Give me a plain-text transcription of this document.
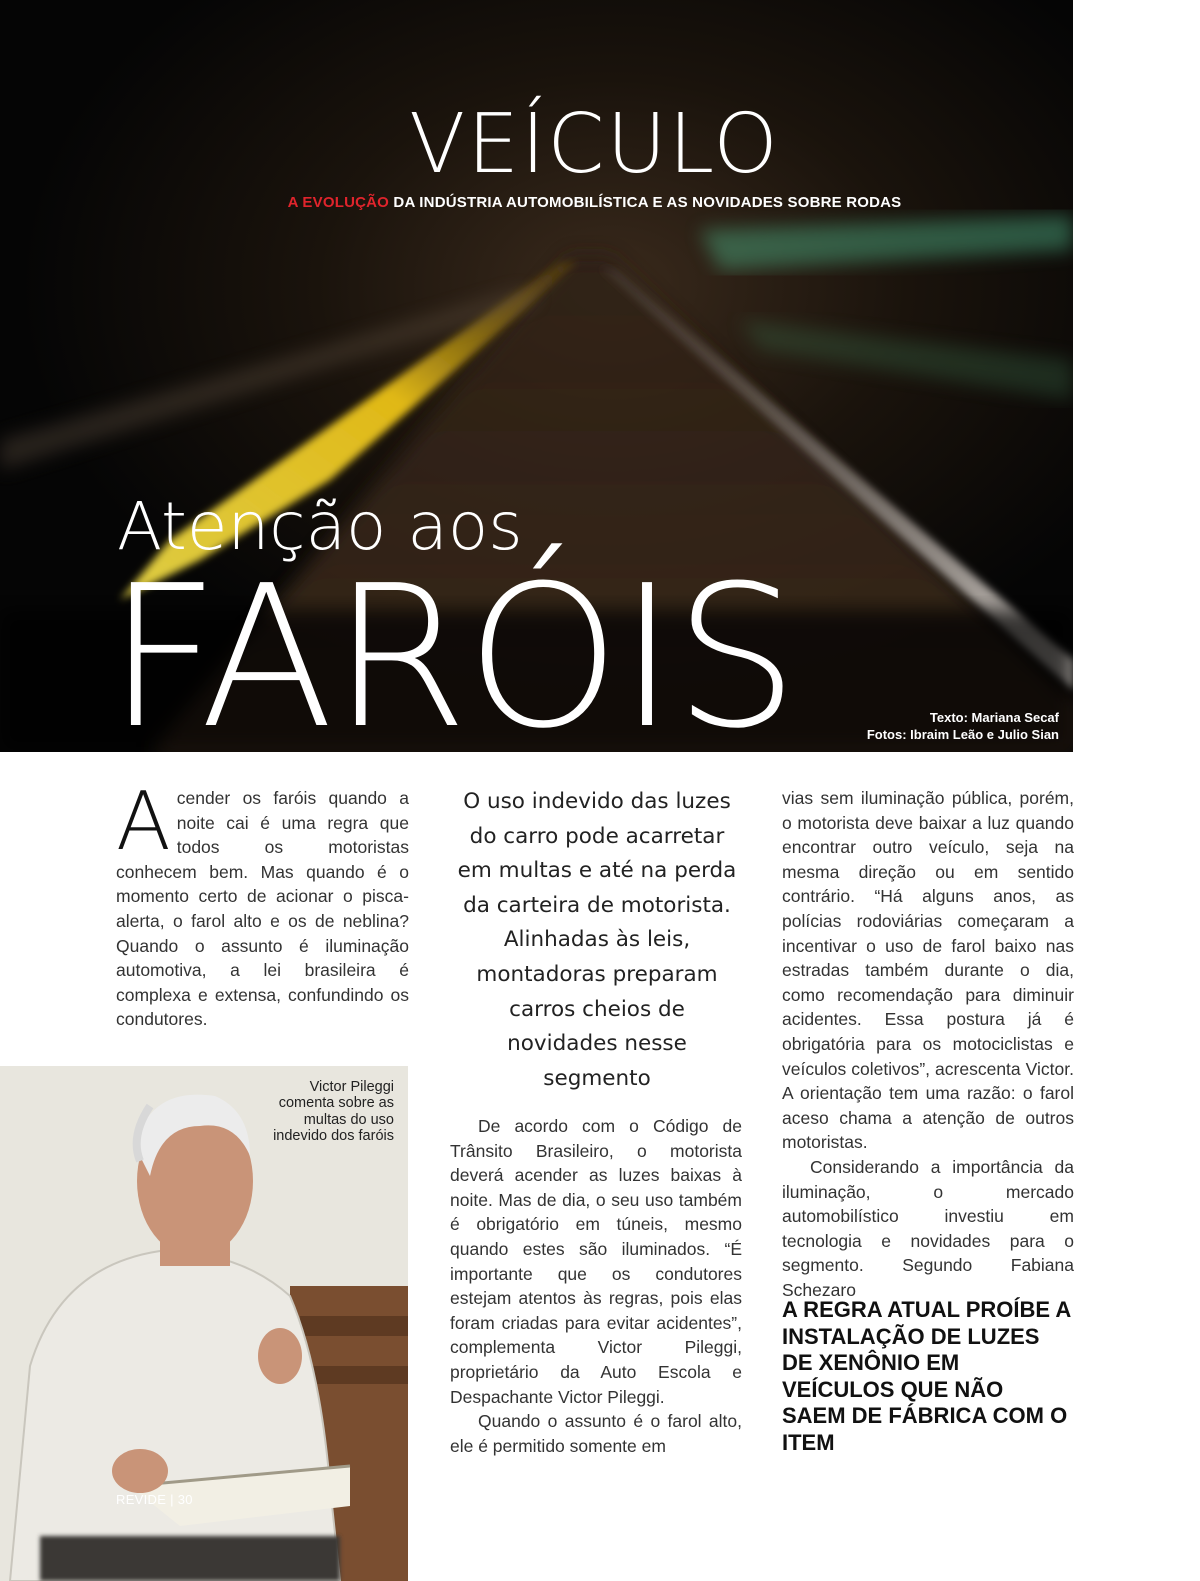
VEÍCULO
A EVOLUÇÃO DA INDÚSTRIA AUTOMOBILÍSTICA E AS NOVIDADES SOBRE RODAS
Atenção aos
FARÓIS	Texto: Mariana Secaf
Fotos: Ibraim Leão e Julio Sian
A cender os faróis quando a noite cai é uma regra que todos os motoristas conhecem bem. Mas quando é o momento certo de acionar o pisca-alerta, o farol alto e os de neblina? Quando o assunto é iluminação automotiva, a lei brasileira é complexa e extensa, confundindo os condutores.

O uso indevido das luzes do carro pode acarretar em multas e até na perda da carteira de motorista. Alinhadas às leis, montadoras preparam carros cheios de novidades nesse segmento

De acordo com o Código de Trânsito Brasileiro, o motorista deverá acender as luzes baixas à noite. Mas de dia, o seu uso também é obrigatório em túneis, mesmo quando estes são iluminados. “É importante que os condutores estejam atentos às regras, pois elas foram criadas para evitar acidentes”, complementa Victor Pileggi, proprietário da Auto Escola e Despachante Victor Pileggi.

Quando o assunto é o farol alto, ele é permitido somente em

vias sem iluminação pública, porém, o motorista deve baixar a luz quando encontrar outro veículo, seja na mesma direção ou em sentido contrário. “Há alguns anos, as polícias rodoviárias começaram a incentivar o uso de farol baixo nas estradas também durante o dia, como recomendação para diminuir acidentes. Essa postura já é obrigatória para os motociclistas e veículos coletivos”, acrescenta Victor. A orientação tem uma razão: o farol aceso chama a atenção de outros motoristas.

Considerando a importância da iluminação, o mercado automobilístico investiu em tecnologia e novidades para o segmento. Segundo Fabiana Schezaro

A REGRA ATUAL PROÍBE A INSTALAÇÃO DE LUZES DE XENÔNIO EM VEÍCULOS QUE NÃO SAEM DE FÁBRICA COM O ITEM
Victor Pileggi comenta sobre as multas do uso indevido dos faróis
REVIDE | 30
